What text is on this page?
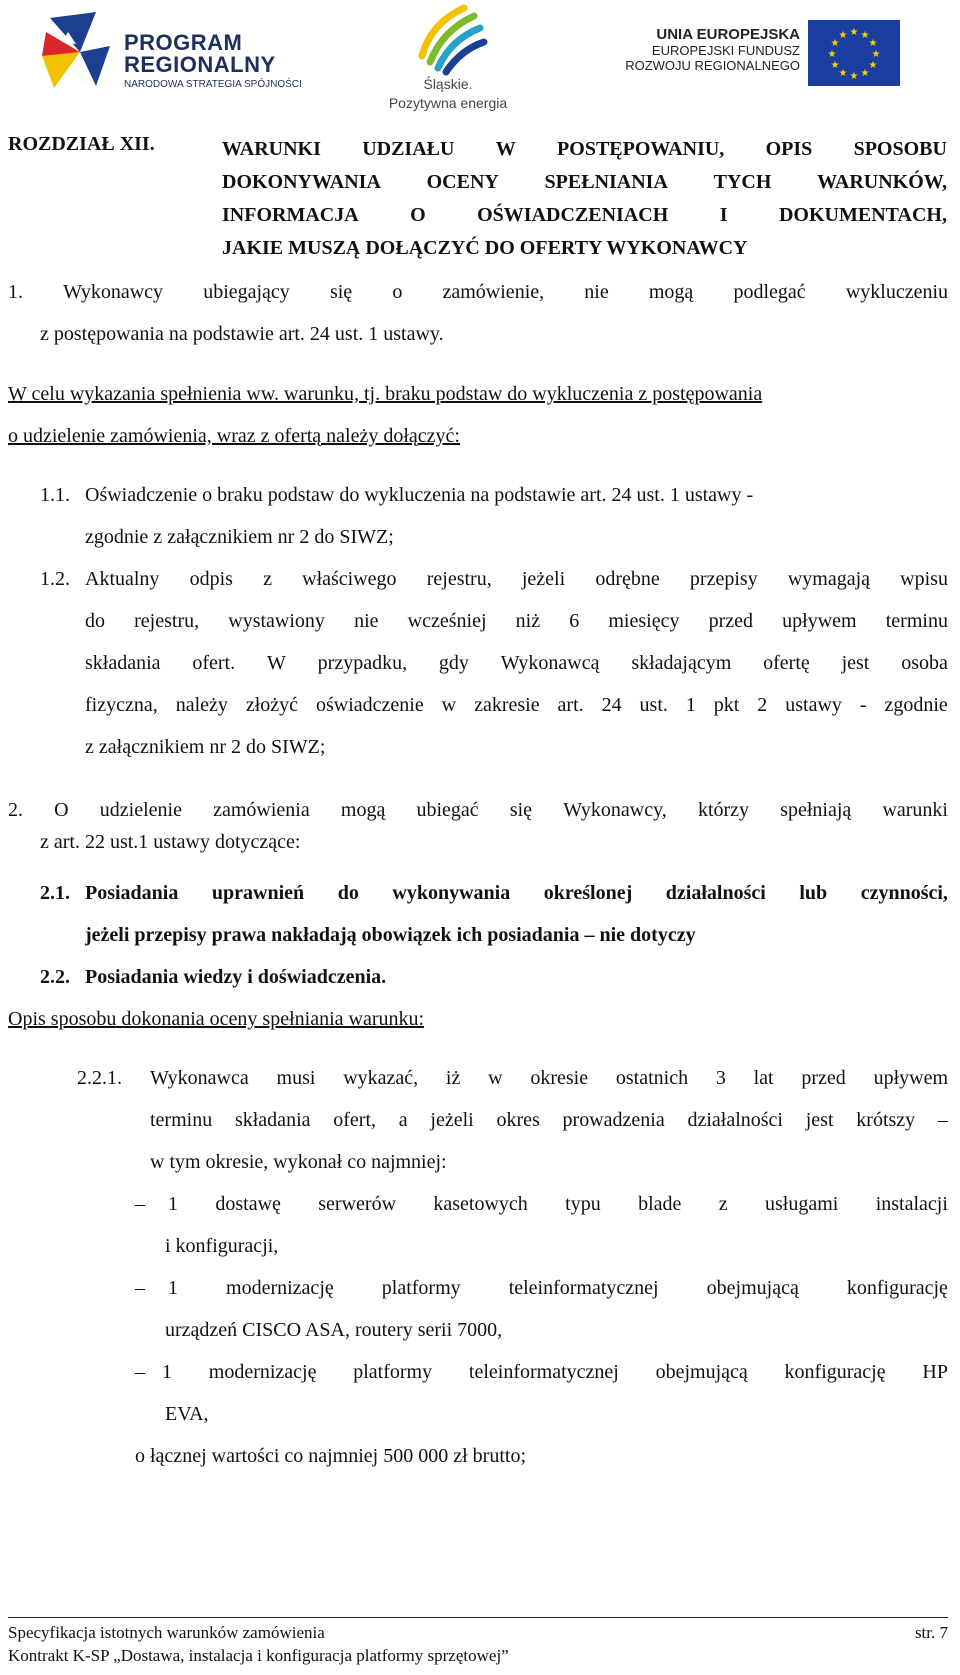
PROGRAM
REGIONALNY
NARODOWA STRATEGIA SPÓJNOŚCI	Śląskie.
Pozytywna energia
UNIA EUROPEJSKA
EUROPEJSKI FUNDUSZ
ROZWOJU REGIONALNEGO
★ ★
★
★
★
★
★
★
★
★
★
★
ROZDZIAŁ XII.	WARUNKI UDZIAŁU W POSTĘPOWANIU, OPIS SPOSOBU
DOKONYWANIA OCENY SPEŁNIANIA TYCH WARUNKÓW,
INFORMACJA	O	OŚWIADCZENIACH	I	DOKUMENTACH,
JAKIE MUSZĄ DOŁĄCZYĆ DO OFERTY WYKONAWCY
1. Wykonawcy ubiegający się o zamówienie, nie mogą podlegać wykluczeniu
z postępowania na podstawie art. 24 ust. 1 ustawy.
W celu wykazania spełnienia ww. warunku, tj. braku podstaw do wykluczenia z postępowania
o udzielenie zamówienia, wraz z ofertą należy dołączyć:
1.1. Oświadczenie o braku podstaw do wykluczenia na podstawie art. 24 ust. 1 ustawy -
zgodnie z załącznikiem nr 2 do SIWZ;
1.2. Aktualny odpis z właściwego rejestru, jeżeli odrębne przepisy wymagają wpisu
do rejestru, wystawiony nie wcześniej niż 6 miesięcy przed upływem terminu
składania ofert. W przypadku, gdy Wykonawcą składającym ofertę jest osoba
fizyczna, należy złożyć oświadczenie w zakresie art. 24 ust. 1 pkt 2 ustawy - zgodnie
z załącznikiem nr 2 do SIWZ;
2. O udzielenie zamówienia mogą ubiegać się Wykonawcy, którzy spełniają warunki
z art. 22 ust.1 ustawy dotyczące:
2.1. Posiadania uprawnień do wykonywania określonej działalności lub czynności,
jeżeli przepisy prawa nakładają obowiązek ich posiadania – nie dotyczy
2.2. Posiadania wiedzy i doświadczenia.
Opis sposobu dokonania oceny spełniania warunku:
2.2.1. Wykonawca musi wykazać, iż w okresie ostatnich 3 lat przed upływem
terminu składania ofert, a jeżeli okres prowadzenia działalności jest krótszy –
w tym okresie, wykonał co najmniej:
– 1 dostawę serwerów kasetowych typu blade z usługami instalacji
i konfiguracji,
– 1 modernizację platformy teleinformatycznej obejmującą konfigurację
urządzeń CISCO ASA, routery serii 7000,
– 1 modernizację platformy teleinformatycznej obejmującą konfigurację HP
EVA,
o łącznej wartości co najmniej 500 000 zł brutto;
Specyfikacja istotnych warunków zamówienia	str. 7
Kontrakt K-SP „Dostawa, instalacja i konfiguracja platformy sprzętowej”
